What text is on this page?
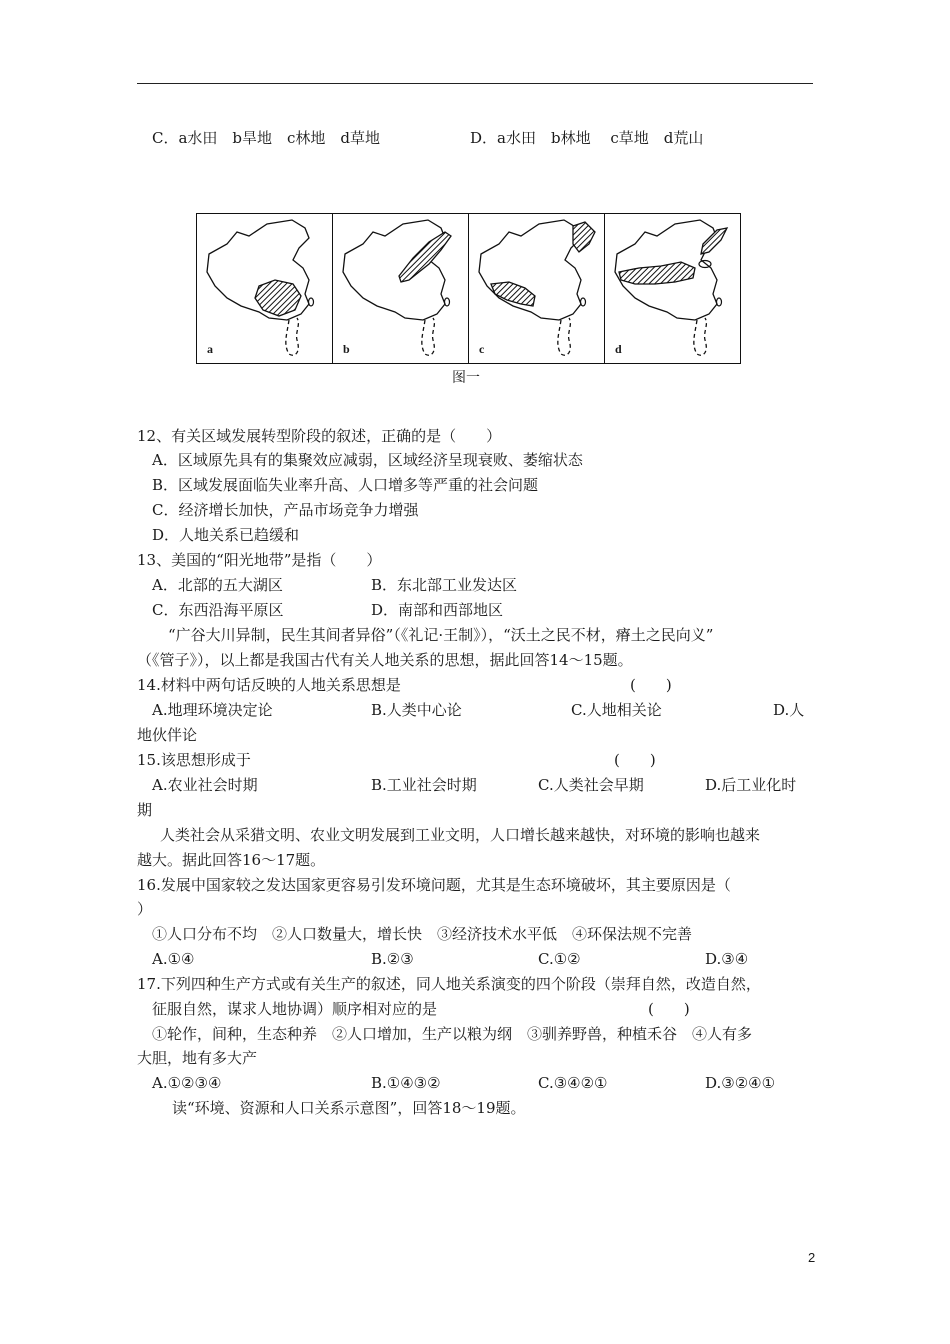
C．a水田　b旱地　c林地　d草地	D．a水田　b林地　 c草地　d荒山
a	b	c	d
图一
12、有关区域发展转型阶段的叙述，正确的是（　　）
A．区域原先具有的集聚效应减弱，区域经济呈现衰败、萎缩状态
B．区域发展面临失业率升高、人口增多等严重的社会问题
C．经济增长加快，产品市场竞争力增强
D．人地关系已趋缓和
13、美国的“阳光地带”是指（　　）
A．北部的五大湖区	B．东北部工业发达区
C．东西沿海平原区	D．南部和西部地区
“广谷大川异制，民生其间者异俗”（《礼记·王制》），“沃土之民不材，瘠土之民向义”
（《管子》），以上都是我国古代有关人地关系的思想，据此回答14～15题。
14.材料中两句话反映的人地关系思想是	(　　)
A.地理环境决定论	B.人类中心论	C.人地相关论	D.人
地伙伴论
15.该思想形成于	(　　)
A.农业社会时期	B.工业社会时期	C.人类社会早期	D.后工业化时
期
人类社会从采猎文明、农业文明发展到工业文明，人口增长越来越快，对环境的影响也越来
越大。据此回答16～17题。
16.发展中国家较之发达国家更容易引发环境问题，尤其是生态环境破坏，其主要原因是（
）
①人口分布不均　②人口数量大，增长快　③经济技术水平低　④环保法规不完善
A.①④	B.②③	C.①②	D.③④
17.下列四种生产方式或有关生产的叙述，同人地关系演变的四个阶段（崇拜自然，改造自然，
征服自然，谋求人地协调）顺序相对应的是	(　　)
①轮作，间种，生态种养　②人口增加，生产以粮为纲　③驯养野兽，种植禾谷　④人有多
大胆，地有多大产
A.①②③④	B.①④③②	C.③④②①	D.③②④①
读“环境、资源和人口关系示意图”，回答18～19题。
2
